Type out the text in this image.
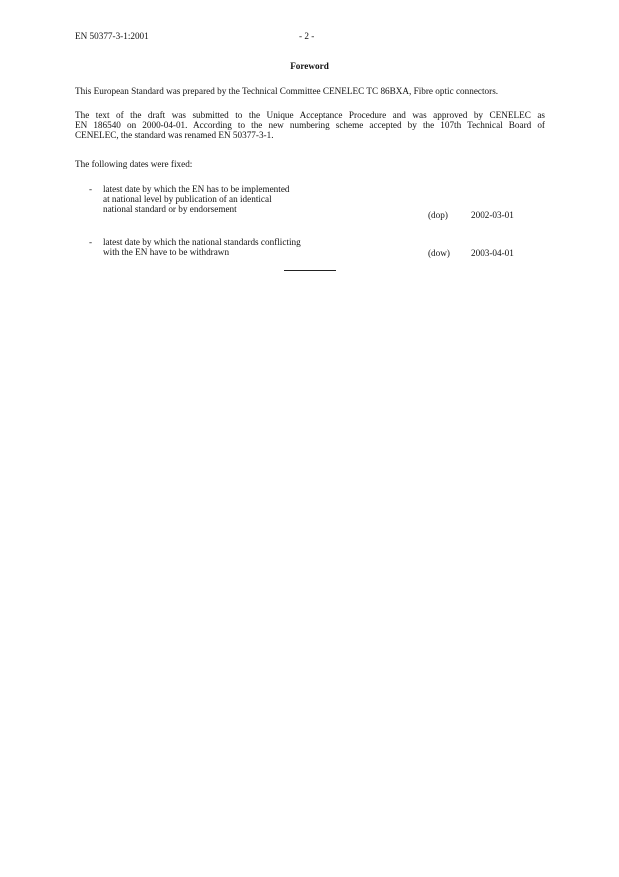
EN 50377-3-1:2001	- 2 -
Foreword
This European Standard was prepared by the Technical Committee CENELEC TC 86BXA, Fibre optic connectors.
The text of the draft was submitted to the Unique Acceptance Procedure and was approved by CENELEC as
EN 186540 on 2000-04-01. According to the new numbering scheme accepted by the 107th Technical Board of
CENELEC, the standard was renamed EN 50377-3-1.
The following dates were fixed:
- latest date by which the EN has to be implemented
at national level by publication of an identical
national standard or by endorsement
(dop)	2002-03-01
- latest date by which the national standards conflicting
with the EN have to be withdrawn	(dow) 2003-04-01
